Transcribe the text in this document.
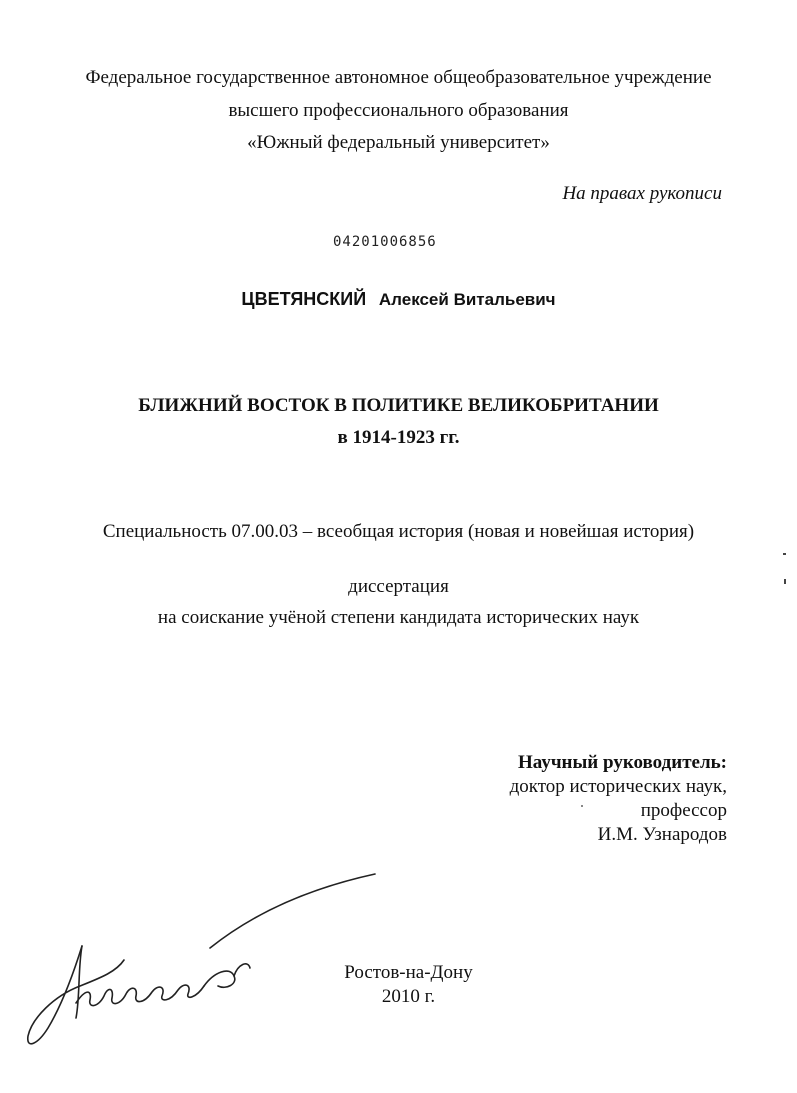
Федеральное государственное автономное общеобразовательное учреждение
высшего профессионального образования
«Южный федеральный университет»
На правах рукописи
04201006856
ЦВЕТЯНСКИЙ Алексей Витальевич
БЛИЖНИЙ ВОСТОК В ПОЛИТИКЕ ВЕЛИКОБРИТАНИИ
в 1914-1923 гг.
Специальность 07.00.03 – всеобщая история (новая и новейшая история)
диссертация
на соискание учёной степени кандидата исторических наук
Научный руководитель:
доктор исторических наук,
профессор
И.М. Узнародов
Ростов-на-Дону
2010 г.
